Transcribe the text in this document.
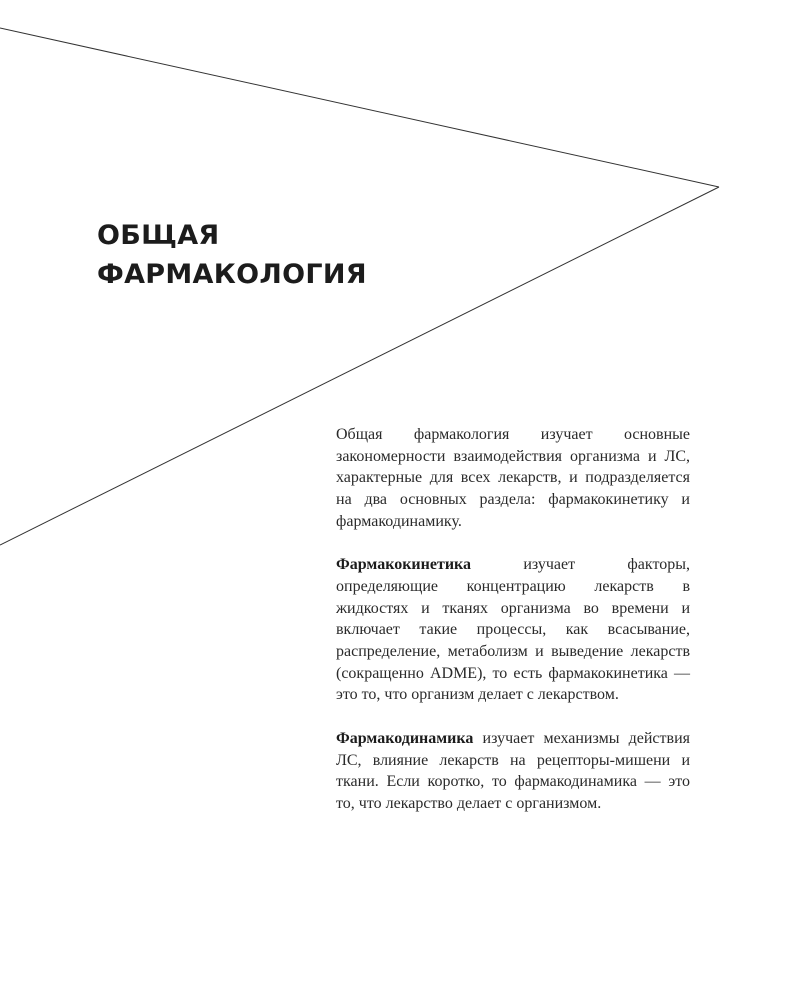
ОБЩАЯ
ФАРМАКОЛОГИЯ

Общая фармакология изучает основные закономерности взаимодействия организма и ЛС, характерные для всех лекарств, и подразделяется на два основных раздела: фармакокинетику и фармакодинамику.

Фармакокинетика изучает факторы, определяющие концентрацию лекарств в жидкостях и тканях организма во времени и включает такие процессы, как всасывание, распределение, метаболизм и выведение лекарств (сокращенно ADME), то есть фармакокинетика — это то, что организм делает с лекарством.

Фармакодинамика изучает механизмы действия ЛС, влияние лекарств на рецепторы-мишени и ткани. Если коротко, то фармакодинамика — это то, что лекарство делает с организмом.
